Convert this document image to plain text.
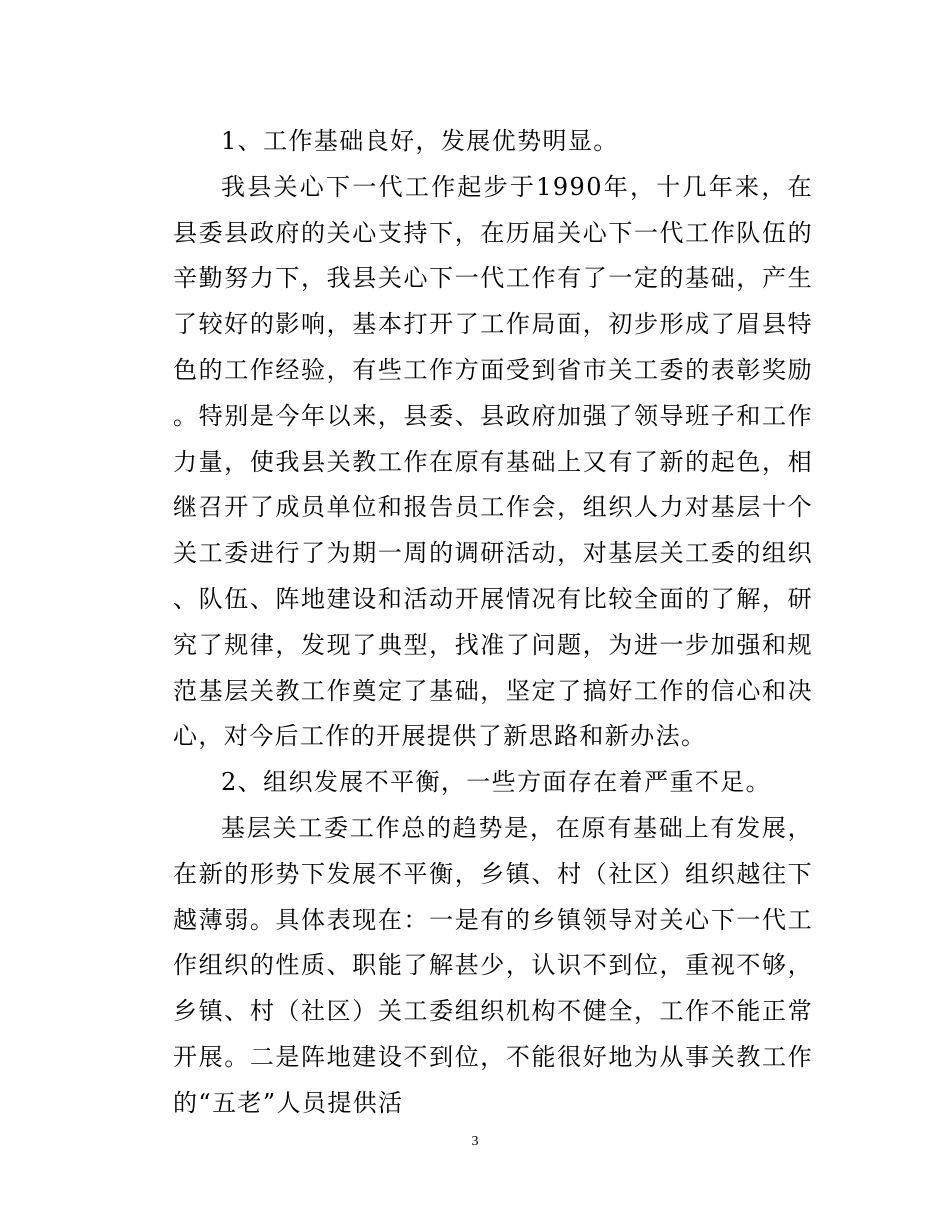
1、工作基础良好，发展优势明显。

我县关心下一代工作起步于1990年，十几年来，在县委县政府的关心支持下，在历届关心下一代工作队伍的辛勤努力下，我县关心下一代工作有了一定的基础，产生了较好的影响，基本打开了工作局面，初步形成了眉县特色的工作经验，有些工作方面受到省市关工委的表彰奖励。特别是今年以来，县委、县政府加强了领导班子和工作力量，使我县关教工作在原有基础上又有了新的起色，相继召开了成员单位和报告员工作会，组织人力对基层十个关工委进行了为期一周的调研活动，对基层关工委的组织、队伍、阵地建设和活动开展情况有比较全面的了解，研究了规律，发现了典型，找准了问题，为进一步加强和规范基层关教工作奠定了基础，坚定了搞好工作的信心和决心，对今后工作的开展提供了新思路和新办法。

2、组织发展不平衡，一些方面存在着严重不足。

基层关工委工作总的趋势是，在原有基础上有发展，在新的形势下发展不平衡，乡镇、村（社区）组织越往下越薄弱。具体表现在：一是有的乡镇领导对关心下一代工作组织的性质、职能了解甚少，认识不到位，重视不够，乡镇、村（社区）关工委组织机构不健全，工作不能正常开展。二是阵地建设不到位，不能很好地为从事关教工作的“五老”人员提供活

3
